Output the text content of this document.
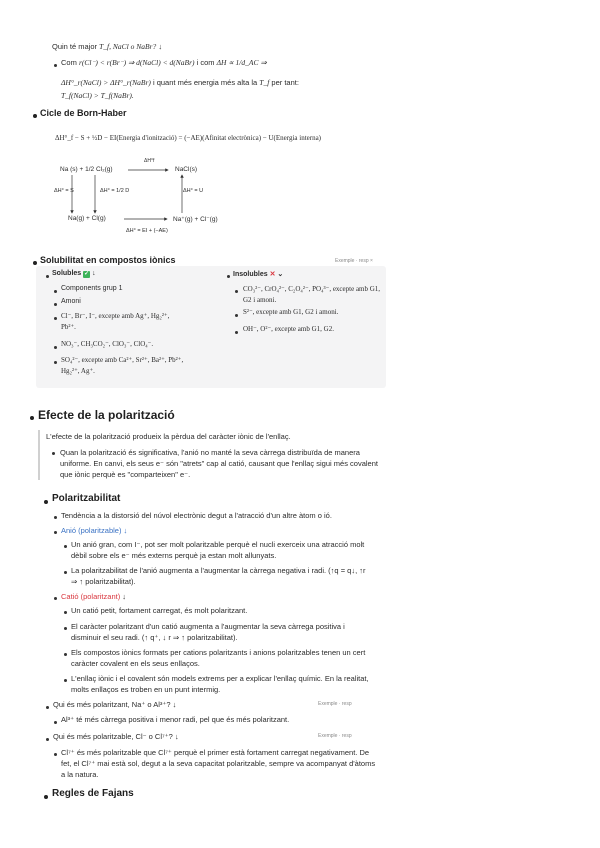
Quin té major T_f, NaCl o NaBr? ↓
Com r(Cl⁻) < r(Br⁻) ⇒ d(NaCl) < d(NaBr) i com ΔH ∝ 1/d_AC ⇒
ΔH°_r(NaCl) > ΔH°_r(NaBr) i quant més energia més alta la T_f per tant:
T_f(NaCl) > T_f(NaBr).
Cicle de Born-Haber
ΔH°_f − S + ½D − EI(Energia d'ionització) = (−AE)(Afinitat electrònica) − U(Energia interna)
Na (s) + 1/2 Cl₂(g)
ΔH°f
NaCl(s)
ΔH° = S	ΔH° = 1/2 D	ΔH° = U
Na(g) + Cl(g)	Na⁺(g) + Cl⁻(g)
ΔH° = EI + (−AE)
Solubilitat en compostos iònics	Exemple · resp ×
Solubles ✓ ↓
Components grup 1
Amoni
Cl⁻, Br⁻, I⁻, excepte amb Ag⁺, Hg₂²⁺, Pb²⁺.
NO₃⁻, CH₃CO₂⁻, ClO₃⁻, ClO₄⁻.
SO₄²⁻, excepte amb Ca²⁺, Sr²⁺, Ba²⁺, Pb²⁺, Hg₂²⁺, Ag⁺.
Insolubles ✕ ⌄
CO₃²⁻, CrO₄²⁻, C₂O₄²⁻, PO₄³⁻, excepte amb G1, G2 i amoni.
S²⁻, excepte amb G1, G2 i amoni.
OH⁻, O²⁻, excepte amb G1, G2.
Efecte de la polarització
L'efecte de la polarització produeix la pèrdua del caràcter iònic de l'enllaç.
Quan la polarització és significativa, l'anió no manté la seva càrrega distribuïda de manera uniforme. En canvi, els seus e⁻ són "atrets" cap al catió, causant que l'enllaç sigui més covalent que iònic perquè es "comparteixen" e⁻.
Polaritzabilitat
Tendència a la distorsió del núvol electrònic degut a l'atracció d'un altre àtom o ió.
Anió (polaritzable) ↓
Un anió gran, com I⁻, pot ser molt polaritzable perquè el nucli exerceix una atracció molt dèbil sobre els e⁻ més externs perquè ja estan molt allunyats.
La polaritzabilitat de l'anió augmenta a l'augmentar la càrrega negativa i radi. (↑q = q↓, ↑r ⇒ ↑ polaritzabilitat).
Catió (polaritzant) ↓
Un catió petit, fortament carregat, és molt polaritzant.
El caràcter polaritzant d'un catió augmenta a l'augmentar la seva càrrega positiva i disminuir el seu radi. (↑ q⁺, ↓ r ⇒ ↑ polaritzabilitat).
Els compostos iònics formats per cations polaritzants i anions polaritzables tenen un cert caràcter covalent en els seus enllaços.
L'enllaç iònic i el covalent són models extrems per a explicar l'enllaç químic. En la realitat, molts enllaços es troben en un punt intermig.
Qui és més polaritzant, Na⁺ o Al³⁺? ↓	Exemple · resp
Al³⁺ té més càrrega positiva i menor radi, pel que és més polaritzant.
Qui és més polaritzable, Cl⁻ o Cl⁷⁺? ↓	Exemple · resp
Cl⁷⁺ és més polaritzable que Cl⁷⁺ perquè el primer està fortament carregat negativament. De fet, el Cl⁷⁺ mai està sol, degut a la seva capacitat polaritzable, sempre va acompanyat d'àtoms a la natura.
Regles de Fajans
